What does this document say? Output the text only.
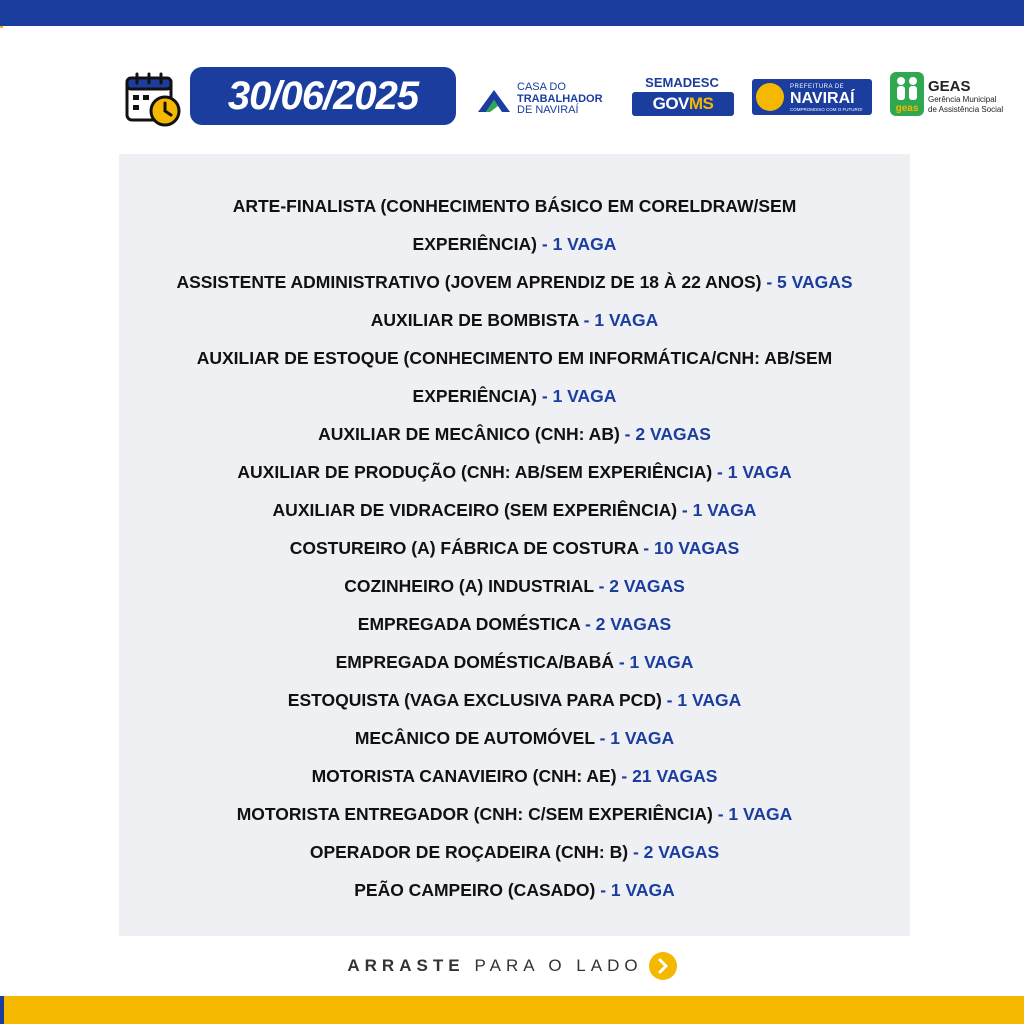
30/06/2025	CASA DO
TRABALHADOR
DE NAVIRAÍ
SEMADESC
GOV MS
PREFEITURA DE
NAVIRAÍ
COMPROMISSO COM O FUTURO!	geas
GEAS
Gerência Municipal
de Assistência Social
ARTE-FINALISTA (CONHECIMENTO BÁSICO EM CORELDRAW/SEM
EXPERIÊNCIA) - 1 VAGA
ASSISTENTE ADMINISTRATIVO (JOVEM APRENDIZ DE 18 À 22 ANOS) - 5 VAGAS
AUXILIAR DE BOMBISTA - 1 VAGA
AUXILIAR DE ESTOQUE (CONHECIMENTO EM INFORMÁTICA/CNH: AB/SEM
EXPERIÊNCIA) - 1 VAGA
AUXILIAR DE MECÂNICO (CNH: AB) - 2 VAGAS
AUXILIAR DE PRODUÇÃO (CNH: AB/SEM EXPERIÊNCIA) - 1 VAGA
AUXILIAR DE VIDRACEIRO (SEM EXPERIÊNCIA) - 1 VAGA
COSTUREIRO (A) FÁBRICA DE COSTURA - 10 VAGAS
COZINHEIRO (A) INDUSTRIAL - 2 VAGAS
EMPREGADA DOMÉSTICA - 2 VAGAS
EMPREGADA DOMÉSTICA/BABÁ - 1 VAGA
ESTOQUISTA (VAGA EXCLUSIVA PARA PCD) - 1 VAGA
MECÂNICO DE AUTOMÓVEL - 1 VAGA
MOTORISTA CANAVIEIRO (CNH: AE) - 21 VAGAS
MOTORISTA ENTREGADOR (CNH: C/SEM EXPERIÊNCIA) - 1 VAGA
OPERADOR DE ROÇADEIRA (CNH: B) - 2 VAGAS
PEÃO CAMPEIRO (CASADO) - 1 VAGA
ARRASTE PARA O LADO
